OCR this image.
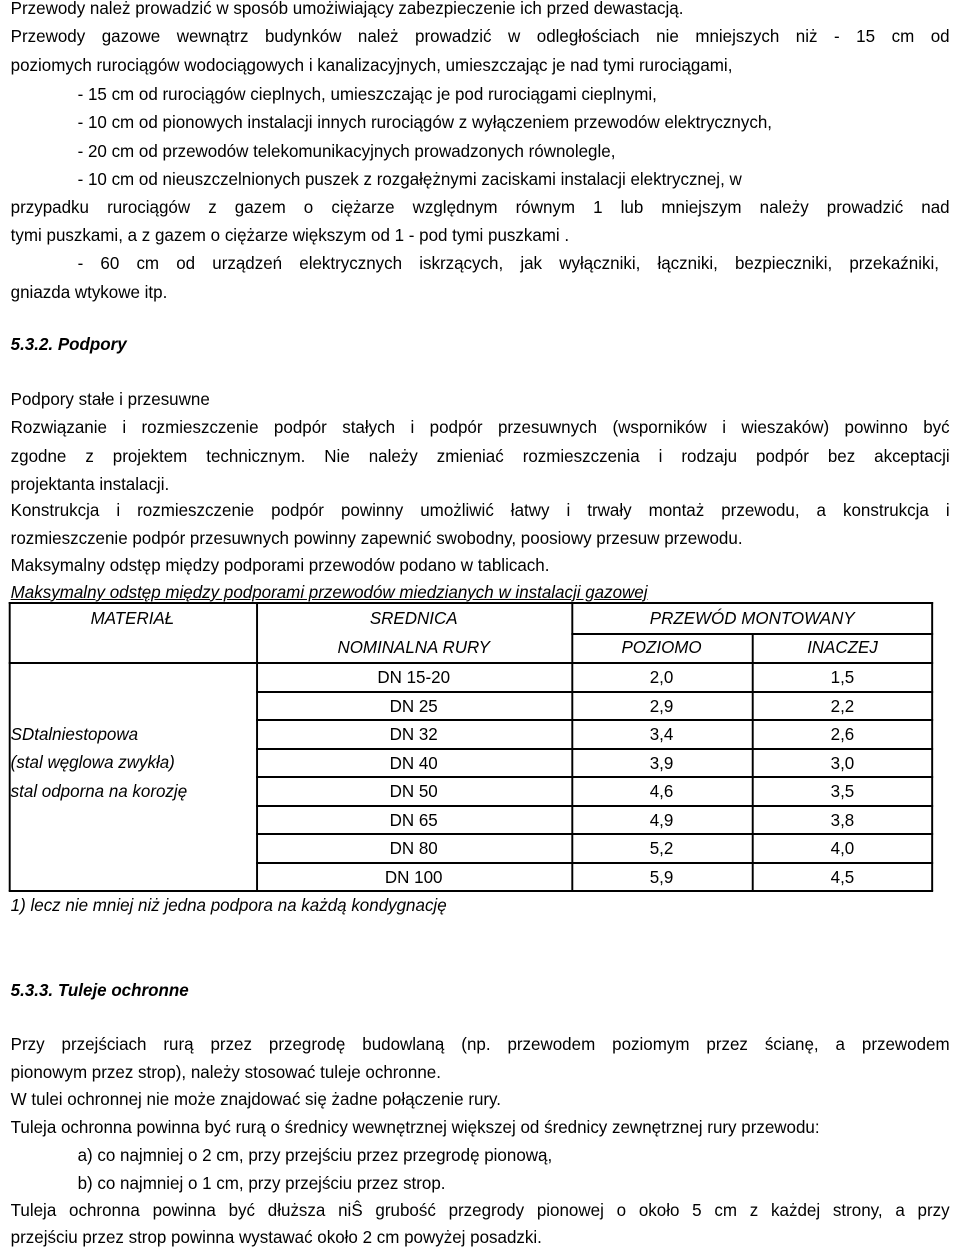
Przewody należ prowadzić w sposób umożiwiający zabezpieczenie ich przed dewastacją.
Przewody gazowe wewnątrz budynków należ prowadzić w odległościach nie mniejszych niż - 15 cm od
poziomych rurociągów wodociągowych i kanalizacyjnych, umieszczając je nad tymi rurociągami,
- 15 cm od rurociągów cieplnych, umieszczając je pod rurociągami cieplnymi,
- 10 cm od pionowych instalacji innych rurociągów z wyłączeniem przewodów elektrycznych,
- 20 cm od przewodów telekomunikacyjnych prowadzonych równolegle,
- 10 cm od nieuszczelnionych puszek z rozgałężnymi zaciskami instalacji elektrycznej, w
przypadku rurociągów z gazem o ciężarze względnym równym 1 lub mniejszym należy prowadzić nad
tymi puszkami, a z gazem o ciężarze większym od 1 - pod tymi puszkami .
- 60 cm od urządzeń elektrycznych iskrzących, jak wyłączniki, łączniki, bezpieczniki, przekaźniki,
gniazda wtykowe itp.
5.3.2. Podpory
Podpory stałe i przesuwne
Rozwiązanie i rozmieszczenie podpór stałych i podpór przesuwnych (wsporników i wieszaków) powinno być
zgodne z projektem technicznym. Nie należy zmieniać rozmieszczenia i rodzaju podpór bez akceptacji
projektanta instalacji.
Konstrukcja i rozmieszczenie podpór powinny umożliwić łatwy i trwały montaż przewodu, a konstrukcja i
rozmieszczenie podpór przesuwnych powinny zapewnić swobodny, poosiowy przesuw przewodu.
Maksymalny odstęp między podporami przewodów podano w tablicach.
Maksymalny odstęp między podporami przewodów miedzianych w instalacji gazowej
MATERIAŁ	SREDNICA
NOMINALNA RURY
PRZEWÓD MONTOWANY
POZIOMO	INACZEJ
SDtalniestopowa
(stal węglowa zwykła)
stal odporna na korozję
DN 15-20	2,0	1,5
DN 25	2,9	2,2
DN 32	3,4	2,6
DN 40	3,9	3,0
DN 50	4,6	3,5
DN 65	4,9	3,8
DN 80	5,2	4,0
DN 100	5,9	4,5
1) lecz nie mniej niż jedna podpora na każdą kondygnację
5.3.3. Tuleje ochronne
Przy przejściach rurą przez przegrodę budowlaną (np. przewodem poziomym przez ścianę, a przewodem
pionowym przez strop), należy stosować tuleje ochronne.
W tulei ochronnej nie może znajdować się żadne połączenie rury.
Tuleja ochronna powinna być rurą o średnicy wewnętrznej większej od średnicy zewnętrznej rury przewodu:
a) co najmniej o 2 cm, przy przejściu przez przegrodę pionową,
b) co najmniej o 1 cm, przy przejściu przez strop.
Tuleja ochronna powinna być dłuższa niŜ grubość przegrody pionowej o około 5 cm z każdej strony, a przy
przejściu przez strop powinna wystawać około 2 cm powyżej posadzki.
